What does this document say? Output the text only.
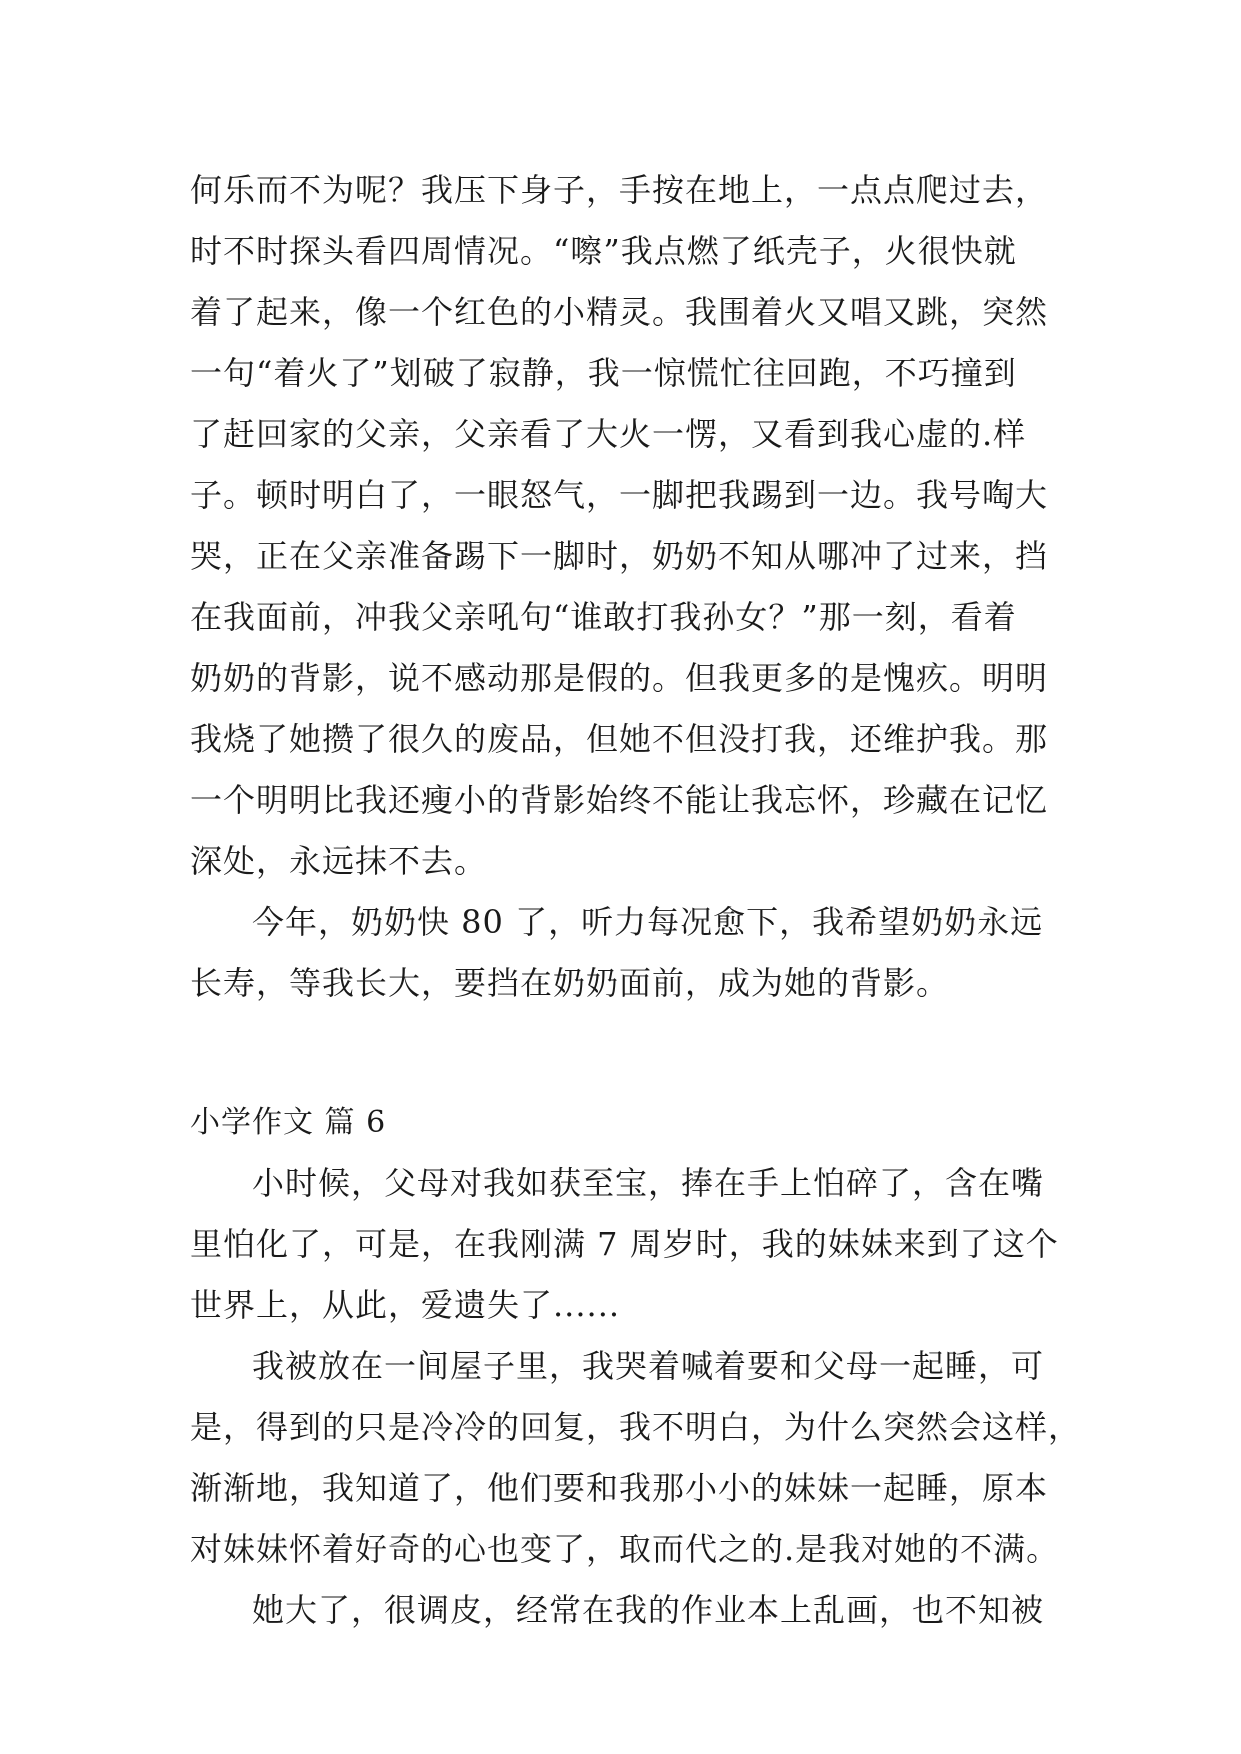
何乐而不为呢？我压下身子，手按在地上，一点点爬过去，
时不时探头看四周情况。“嚓”我点燃了纸壳子，火很快就
着了起来，像一个红色的小精灵。我围着火又唱又跳，突然
一句“着火了”划破了寂静，我一惊慌忙往回跑，不巧撞到
了赶回家的父亲，父亲看了大火一愣，又看到我心虚的.样
子。顿时明白了，一眼怒气，一脚把我踢到一边。我号啕大
哭，正在父亲准备踢下一脚时，奶奶不知从哪冲了过来，挡
在我面前，冲我父亲吼句“谁敢打我孙女？”那一刻，看着
奶奶的背影，说不感动那是假的。但我更多的是愧疚。明明
我烧了她攒了很久的废品，但她不但没打我，还维护我。那
一个明明比我还瘦小的背影始终不能让我忘怀，珍藏在记忆
深处，永远抹不去。
今年，奶奶快 80 了，听力每况愈下，我希望奶奶永远
长寿，等我长大，要挡在奶奶面前，成为她的背影。
小学作文 篇 6
小时候，父母对我如获至宝，捧在手上怕碎了，含在嘴
里怕化了，可是，在我刚满 7 周岁时，我的妹妹来到了这个
世界上，从此，爱遗失了......
我被放在一间屋子里，我哭着喊着要和父母一起睡，可
是，得到的只是冷冷的回复，我不明白，为什么突然会这样，
渐渐地，我知道了，他们要和我那小小的妹妹一起睡，原本
对妹妹怀着好奇的心也变了，取而代之的.是我对她的不满。
她大了，很调皮，经常在我的作业本上乱画，也不知被
